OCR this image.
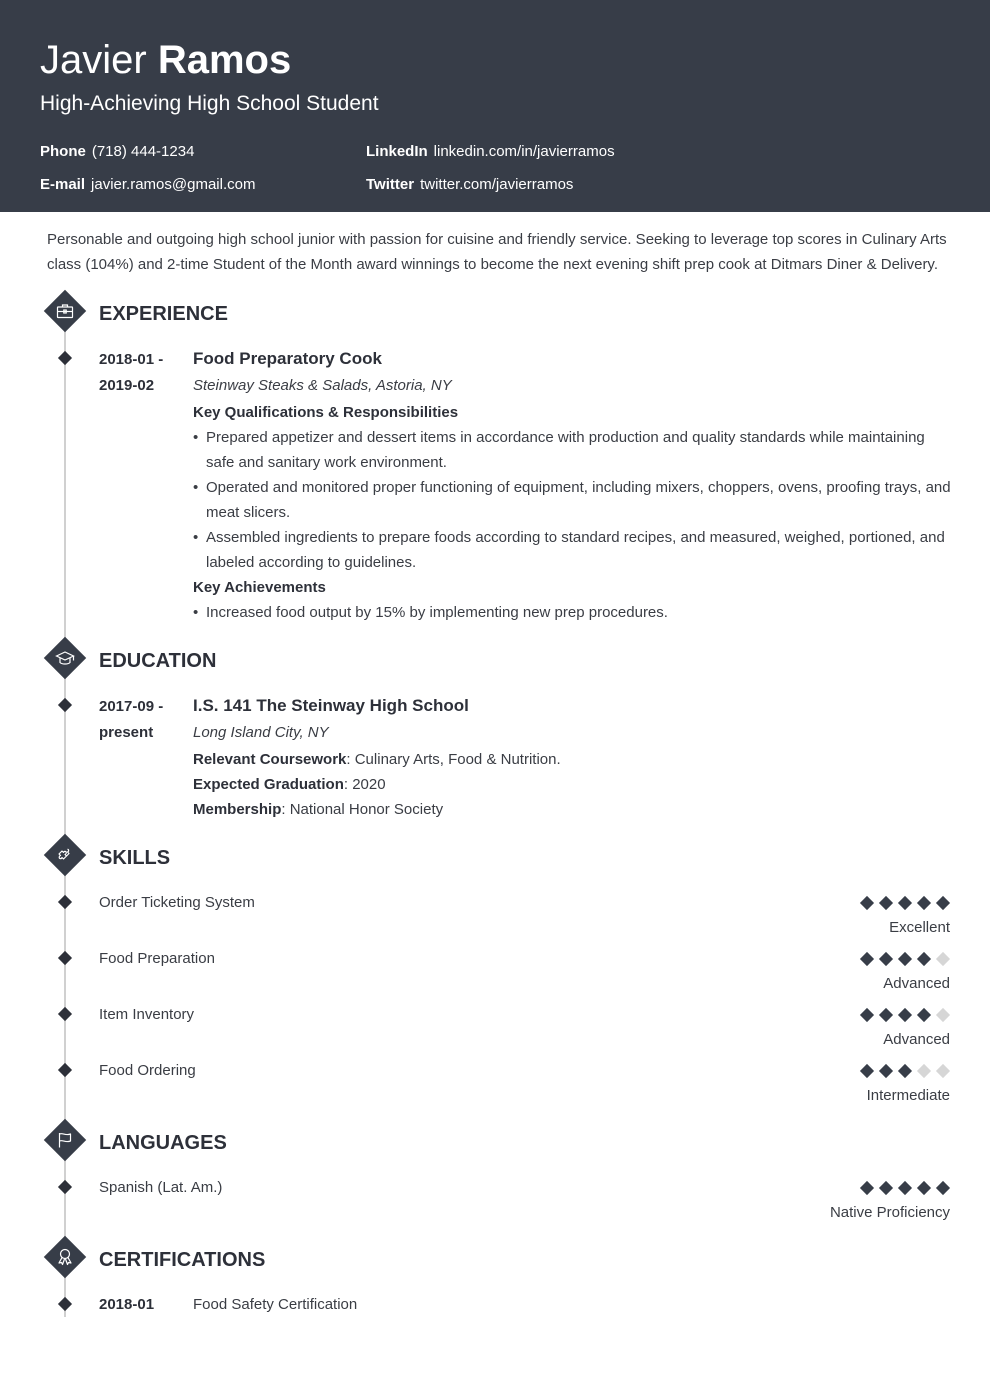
Javier Ramos
High-Achieving High School Student
Phone (718) 444-1234
E-mail javier.ramos@gmail.com
LinkedIn linkedin.com/in/javierramos
Twitter twitter.com/javierramos
Personable and outgoing high school junior with passion for cuisine and friendly service. Seeking to leverage top scores in Culinary Arts class (104%) and 2-time Student of the Month award winnings to become the next evening shift prep cook at Ditmars Diner & Delivery.
EXPERIENCE
2018-01 -
2019-02
Food Preparatory Cook
Steinway Steaks & Salads, Astoria, NY
Key Qualifications & Responsibilities
• Prepared appetizer and dessert items in accordance with production and quality standards while maintaining safe and sanitary work environment.
• Operated and monitored proper functioning of equipment, including mixers, choppers, ovens, proofing trays, and meat slicers.
• Assembled ingredients to prepare foods according to standard recipes, and measured, weighed, portioned, and labeled according to guidelines.
Key Achievements
• Increased food output by 15% by implementing new prep procedures.
EDUCATION
2017-09 -
present
I.S. 141 The Steinway High School
Long Island City, NY
Relevant Coursework: Culinary Arts, Food & Nutrition.
Expected Graduation: 2020
Membership: National Honor Society
SKILLS
Order Ticketing System
Excellent
Food Preparation
Advanced
Item Inventory
Advanced
Food Ordering
Intermediate
LANGUAGES
Spanish (Lat. Am.)
Native Proficiency
CERTIFICATIONS
2018-01	Food Safety Certification
